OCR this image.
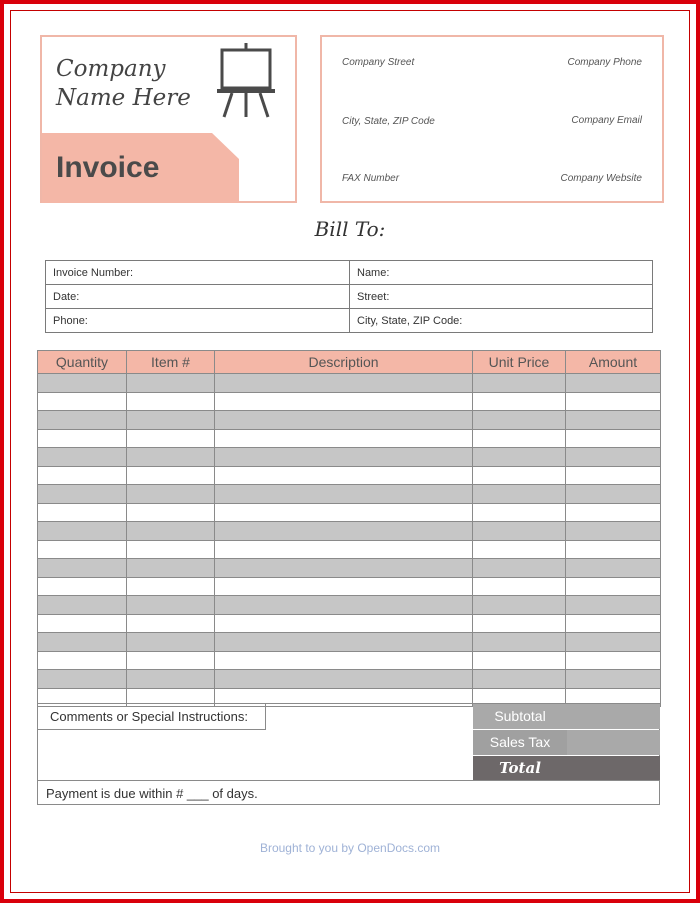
Company
Name Here
Invoice
Company Street	Company Phone
City, State, ZIP Code	Company Email
FAX Number	Company Website
Bill To:
Invoice Number:	Name:
Date:	Street:
Phone:	City, State, ZIP Code:
Quantity	Item #	Description	Unit Price	Amount

Comments or Special Instructions:	Subtotal
Sales Tax
Total
Payment is due within # ___ of days.
Brought to you by OpenDocs.com
